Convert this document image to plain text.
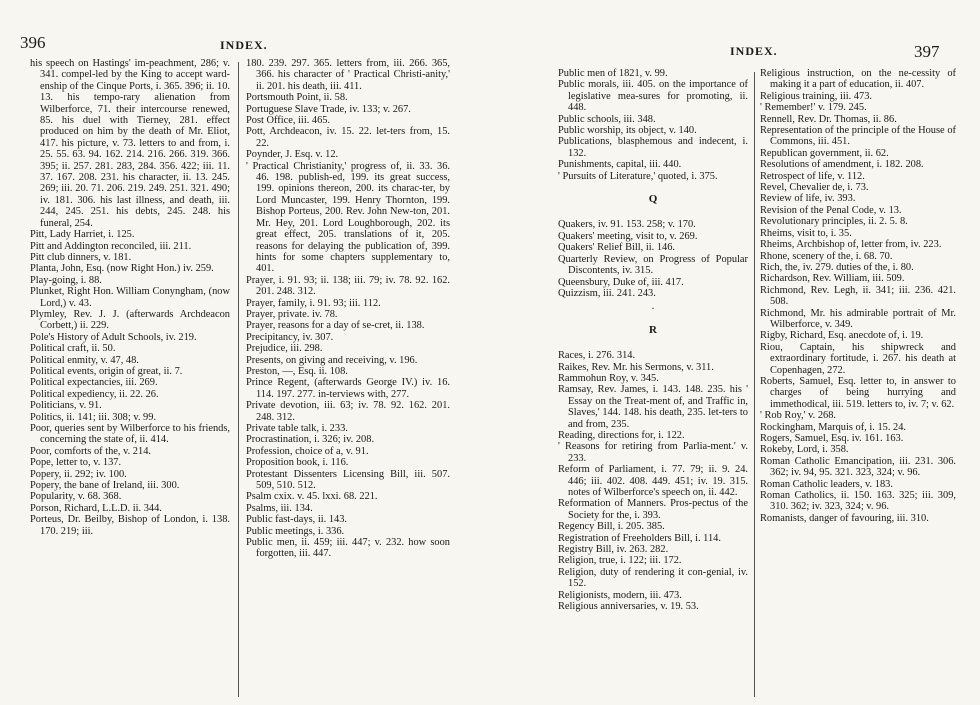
396	INDEX.

his speech on Hastings' im-peachment, 286; v. 341. compel-led by the King to accept ward-enship of the Cinque Ports, i. 365. 396; ii. 10. 13. his tempo-rary alienation from Wilberforce, 71. their intercourse renewed, 85. his duel with Tierney, 281. effect produced on him by the death of Mr. Eliot, 417. his picture, v. 73. letters to and from, i. 25. 55. 63. 94. 162. 214. 216. 266. 319. 366. 395; ii. 257. 281. 283, 284. 356. 422; iii. 11. 37. 167. 208. 231. his character, ii. 13. 245. 269; iii. 20. 71. 206. 219. 249. 251. 321. 490; iv. 181. 306. his last illness, and death, iii. 244, 245. 251. his debts, 245. 248. his funeral, 254.

Pitt, Lady Harriet, i. 125.

Pitt and Addington reconciled, iii. 211.

Pitt club dinners, v. 181.

Planta, John, Esq. (now Right Hon.) iv. 259.

Play-going, i. 88.

Plunket, Right Hon. William Conyngham, (now Lord,) v. 43.

Plymley, Rev. J. J. (afterwards Archdeacon Corbett,) ii. 229.

Pole's History of Adult Schools, iv. 219.

Political craft, ii. 50.

Political enmity, v. 47, 48.

Political events, origin of great, ii. 7.

Political expectancies, iii. 269.

Political expediency, ii. 22. 26.

Politicians, v. 91.

Politics, ii. 141; iii. 308; v. 99.

Poor, queries sent by Wilberforce to his friends, concerning the state of, ii. 414.

Poor, comforts of the, v. 214.

Pope, letter to, v. 137.

Popery, ii. 292; iv. 100.

Popery, the bane of Ireland, iii. 300.

Popularity, v. 68. 368.

Porson, Richard, L.L.D. ii. 344.

Porteus, Dr. Beilby, Bishop of London, i. 138. 170. 219; iii.

180. 239. 297. 365. letters from, iii. 266. 365, 366. his character of ' Practical Christi-anity,' ii. 201. his death, iii. 411.

Portsmouth Point, ii. 58.

Portuguese Slave Trade, iv. 133; v. 267.

Post Office, iii. 465.

Pott, Archdeacon, iv. 15. 22. let-ters from, 15. 22.

Poynder, J. Esq. v. 12.

' Practical Christianity,' progress of, ii. 33. 36. 46. 198. publish-ed, 199. its great success, 199. opinions thereon, 200. its charac-ter, by Lord Muncaster, 199. Henry Thornton, 199. Bishop Porteus, 200. Rev. John New-ton, 201. Mr. Hey, 201. Lord Loughborough, 202. its great effect, 205. translations of it, 205. reasons for delaying the publication of, 399. hints for some chapters supplementary to, 401.

Prayer, i. 91. 93; ii. 138; iii. 79; iv. 78. 92. 162. 201. 248. 312.

Prayer, family, i. 91. 93; iii. 112.

Prayer, private. iv. 78.

Prayer, reasons for a day of se-cret, ii. 138.

Precipitancy, iv. 307.

Prejudice, iii. 298.

Presents, on giving and receiving, v. 196.

Preston, —, Esq. ii. 108.

Prince Regent, (afterwards George IV.) iv. 16. 114. 197. 277. in-terviews with, 277.

Private devotion, iii. 63; iv. 78. 92. 162. 201. 248. 312.

Private table talk, i. 233.

Procrastination, i. 326; iv. 208.

Profession, choice of a, v. 91.

Proposition book, i. 116.

Protestant Dissenters Licensing Bill, iii. 507. 509, 510. 512.

Psalm cxix. v. 45. lxxi. 68. 221.

Psalms, iii. 134.

Public fast-days, ii. 143.

Public meetings, i. 336.

Public men, ii. 459; iii. 447; v. 232. how soon forgotten, iii. 447.

INDEX.	397

Public men of 1821, v. 99.

Public morals, iii. 405. on the importance of legislative mea-sures for promoting, ii. 448.

Public schools, iii. 348.

Public worship, its object, v. 140.

Publications, blasphemous and indecent, i. 132.

Punishments, capital, iii. 440.

' Pursuits of Literature,' quoted, i. 375.

Q

Quakers, iv. 91. 153. 258; v. 170.

Quakers' meeting, visit to, v. 269.

Quakers' Relief Bill, ii. 146.

Quarterly Review, on Progress of Popular Discontents, iv. 315.

Queensbury, Duke of, iii. 417.

Quizzism, iii. 241. 243.

.
R

Races, i. 276. 314.

Raikes, Rev. Mr. his Sermons, v. 311.

Rammohun Roy, v. 345.

Ramsay, Rev. James, i. 143. 148. 235. his ' Essay on the Treat-ment of, and Traffic in, Slaves,' 144. 148. his death, 235. let-ters to and from, 235.

Reading, directions for, i. 122.

' Reasons for retiring from Parlia-ment.' v. 233.

Reform of Parliament, i. 77. 79; ii. 9. 24. 446; iii. 402. 408. 449. 451; iv. 19. 315. notes of Wilberforce's speech on, ii. 442.

Reformation of Manners. Pros-pectus of the Society for the, i. 393.

Regency Bill, i. 205. 385.

Registration of Freeholders Bill, i. 114.

Registry Bill, iv. 263. 282.

Religion, true, i. 122; iii. 172.

Religion, duty of rendering it con-genial, iv. 152.

Religionists, modern, iii. 473.

Religious anniversaries, v. 19. 53.

Religious instruction, on the ne-cessity of making it a part of education, ii. 407.

Religious training, iii. 473.

' Remember!' v. 179. 245.

Rennell, Rev. Dr. Thomas, ii. 86.

Representation of the principle of the House of Commons, iii. 451.

Republican government, ii. 62.

Resolutions of amendment, i. 182. 208.

Retrospect of life, v. 112.

Revel, Chevalier de, i. 73.

Review of life, iv. 393.

Revision of the Penal Code, v. 13.

Revolutionary principles, ii. 2. 5. 8.

Rheims, visit to, i. 35.

Rheims, Archbishop of, letter from, iv. 223.

Rhone, scenery of the, i. 68. 70.

Rich, the, iv. 279. duties of the, i. 80.

Richardson, Rev. William, iii. 509.

Richmond, Rev. Legh, ii. 341; iii. 236. 421. 508.

Richmond, Mr. his admirable portrait of Mr. Wilberforce, v. 349.

Rigby, Richard, Esq. anecdote of, i. 19.

Riou, Captain, his shipwreck and extraordinary fortitude, i. 267. his death at Copenhagen, 272.

Roberts, Samuel, Esq. letter to, in answer to charges of being hurrying and immethodical, iii. 519. letters to, iv. 7; v. 62.

' Rob Roy,' v. 268.

Rockingham, Marquis of, i. 15. 24.

Rogers, Samuel, Esq. iv. 161. 163.

Rokeby, Lord, i. 358.

Roman Catholic Emancipation, iii. 231. 306. 362; iv. 94, 95. 321. 323, 324; v. 96.

Roman Catholic leaders, v. 183.

Roman Catholics, ii. 150. 163. 325; iii. 309, 310. 362; iv. 323, 324; v. 96.

Romanists, danger of favouring, iii. 310.
